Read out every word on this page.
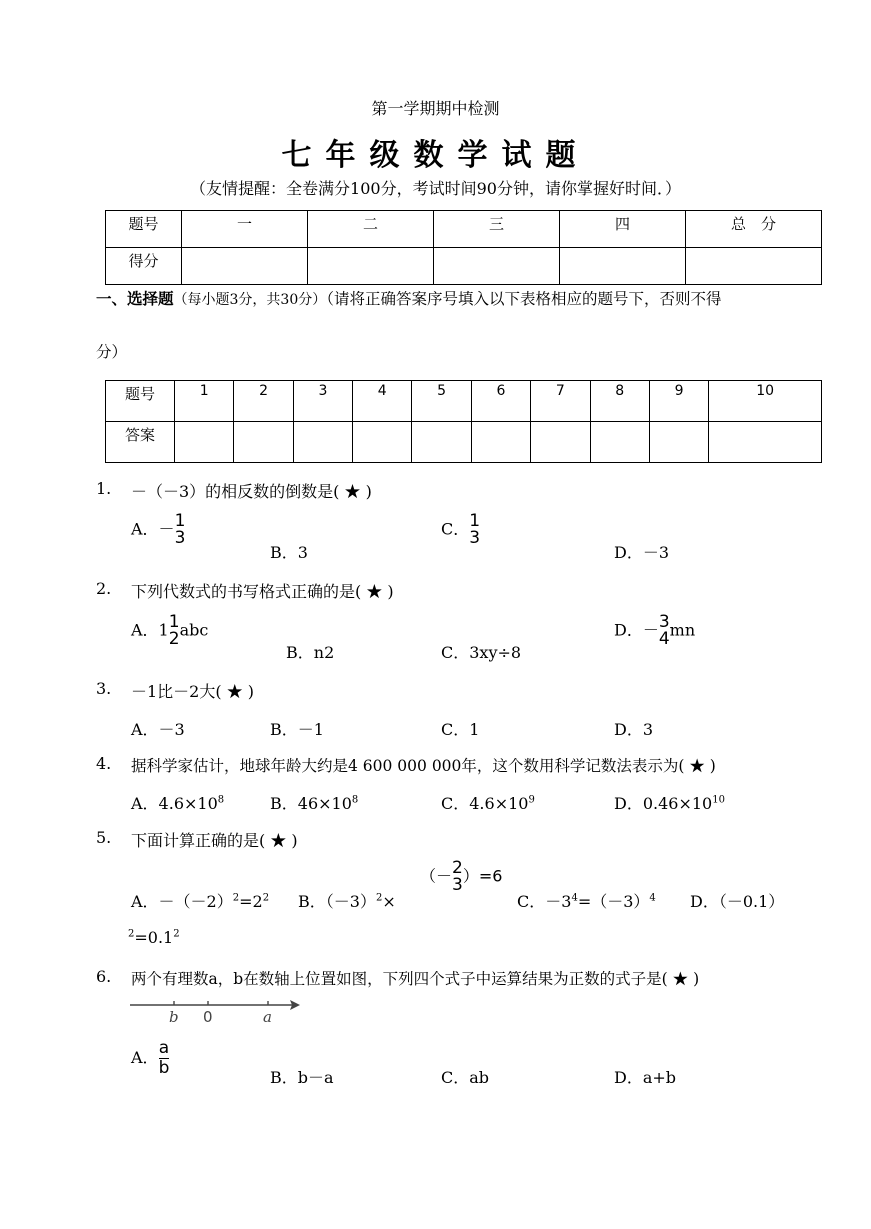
第一学期期中检测
七年级数学试题
（友情提醒：全卷满分100分，考试时间90分钟，请你掌握好时间．）
题号	一	二	三	四	总　分
得分					
一、选择题（每小题3分，共30分）（请将正确答案序号填入以下表格相应的题号下，否则不得
分）
题号	1	2	3	4	5	6	7	8	9	10
答案										
1. －（－3）的相反数的倒数是( ★ )
A．－ 1
3
B．3
C． 1
3
D．－3
2. 下列代数式的书写格式正确的是( ★ )
A．1 1
2 abc
B．n2	C．3xy÷8
D．－ 3
4 mn
3. －1比－2大( ★ )
A．－3	B．－1	C．1	D．3
4. 据科学家估计，地球年龄大约是4 600 000 000年，这个数用科学记数法表示为( ★ )
A．$4.6\times 10^8$	B．$46\times 10^8$	C．$4.6\times 10^9$	D．$0.46\times 10^{10}$
5. 下面计算正确的是( ★ )
A．$-(-2)^2=2^2$ B．$(-3)^2\times$
（－ 2
3 ）=6
C．$-3^4=(-3)^4$ D．（－0.1）
$^2=0.1^2$
6. 两个有理数a，b在数轴上位置如图，下列四个式子中运算结果为正数的式子是( ★ )
b 0	a
A． $\frac{a}{b}$
B．b－a	C．ab	D．a+b
